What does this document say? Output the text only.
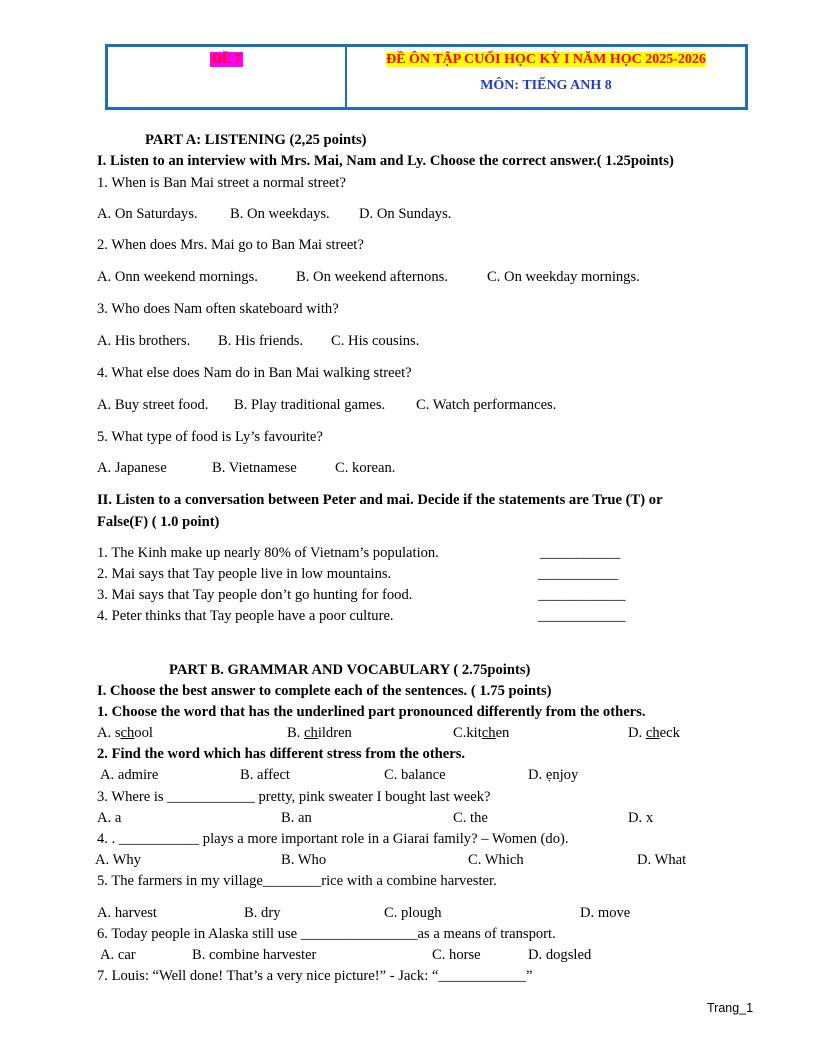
ĐỀ 7	ĐỀ ÔN TẬP CUỐI HỌC KỲ I NĂM HỌC 2025-2026
MÔN: TIẾNG ANH 8
PART A: LISTENING (2,25 points)
I. Listen to an interview with Mrs. Mai, Nam and Ly. Choose the correct answer.( 1.25points)
1. When is Ban Mai street a normal street?
A. On Saturdays. B. On weekdays. D. On Sundays.
2. When does Mrs. Mai go to Ban Mai street?
A. Onn weekend mornings.	B. On weekend afternons.	C. On weekday mornings.
3. Who does Nam often skateboard with?
A. His brothers. B. His friends. C. His cousins.
4. What else does Nam do in Ban Mai walking street?
A. Buy street food. B. Play traditional games. C. Watch performances.
5. What type of food is Ly’s favourite?
A. Japanese	B. Vietnamese	C. korean.
II. Listen to a conversation between Peter and mai. Decide if the statements are True (T) or
False(F) ( 1.0 point)
1. The Kinh make up nearly 80% of Vietnam’s population.	___________
2. Mai says that Tay people live in low mountains.	___________
3. Mai says that Tay people don’t go hunting for food.	____________
4. Peter thinks that Tay people have a poor culture.	____________
PART B. GRAMMAR AND VOCABULARY ( 2.75points)
I. Choose the best answer to complete each of the sentences. ( 1.75 points)
1. Choose the word that has the underlined part pronounced differently from the others.
A. school	B. children	C.kitchen	D. check
2. Find the word which has different stress from the others.
A. admire	B. affect	C. balance	D. ẹnjoy
3. Where is ____________ pretty, pink sweater I bought last week?
A. a	B. an	C. the	D. x
4. . ___________ plays a more important role in a Giarai family? – Women (do).
A. Why	B. Who	C. Which	D. What
5. The farmers in my village________rice with a combine harvester.
A. harvest	B. dry	C. plough	D. move
6. Today people in Alaska still use ________________as a means of transport.
A. car	B. combine harvester	C. horse	D. dogsled
7. Louis: “Well done! That’s a very nice picture!” - Jack: “____________”
Trang_1
